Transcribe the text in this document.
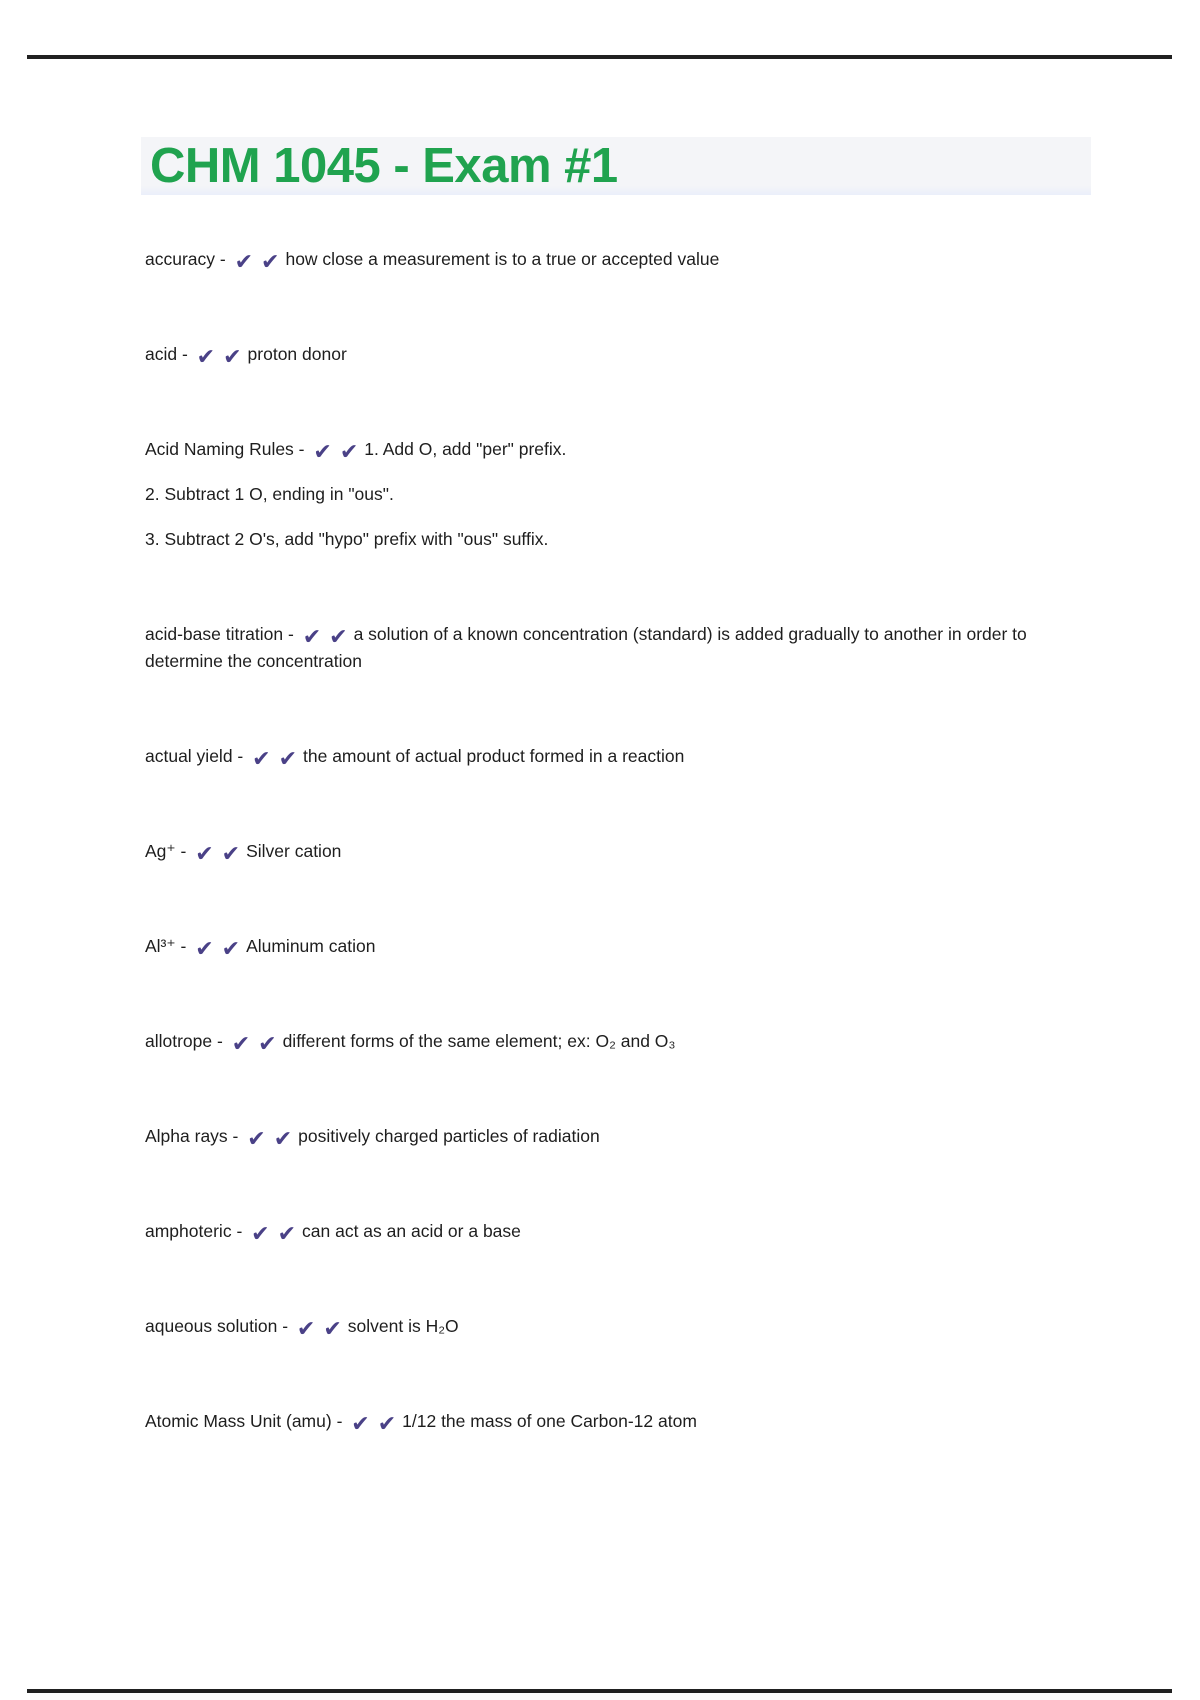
CHM 1045 - Exam #1

accuracy - ✔ ✔ how close a measurement is to a true or accepted value

acid - ✔ ✔ proton donor

Acid Naming Rules - ✔ ✔ 1. Add O, add "per" prefix.

2. Subtract 1 O, ending in "ous".

3. Subtract 2 O's, add "hypo" prefix with "ous" suffix.

acid-base titration - ✔ ✔ a solution of a known concentration (standard) is added gradually to another in order to determine the concentration

actual yield - ✔ ✔ the amount of actual product formed in a reaction

Ag⁺ - ✔ ✔ Silver cation

Al³⁺ - ✔ ✔ Aluminum cation

allotrope - ✔ ✔ different forms of the same element; ex: O₂ and O₃

Alpha rays - ✔ ✔ positively charged particles of radiation

amphoteric - ✔ ✔ can act as an acid or a base

aqueous solution - ✔ ✔ solvent is H₂O

Atomic Mass Unit (amu) - ✔ ✔ 1/12 the mass of one Carbon-12 atom
